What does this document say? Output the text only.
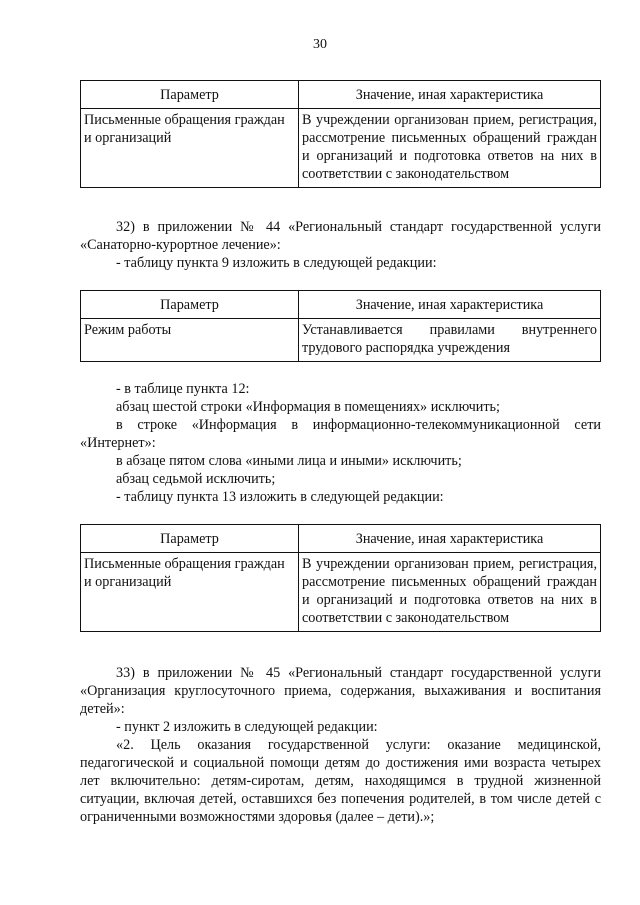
30
Параметр	Значение, иная характеристика
Письменные обращения граждан и организаций	В учреждении организован прием, регистрация, рассмотрение письменных обращений граждан и организаций и подготовка ответов на них в соответствии с законодательством

32) в приложении № 44 «Региональный стандарт государственной услуги «Санаторно-курортное лечение»:

- таблицу пункта 9 изложить в следующей редакции:

Параметр	Значение, иная характеристика
Режим работы	Устанавливается правилами внутреннего трудового распорядка учреждения

- в таблице пункта 12:

абзац шестой строки «Информация в помещениях» исключить;

в строке «Информация в информационно-телекоммуникационной сети «Интернет»:

в абзаце пятом слова «иными лица и иными» исключить;

абзац седьмой исключить;

- таблицу пункта 13 изложить в следующей редакции:

Параметр	Значение, иная характеристика
Письменные обращения граждан и организаций	В учреждении организован прием, регистрация, рассмотрение письменных обращений граждан и организаций и подготовка ответов на них в соответствии с законодательством

33) в приложении № 45 «Региональный стандарт государственной услуги «Организация круглосуточного приема, содержания, выхаживания и воспитания детей»:

- пункт 2 изложить в следующей редакции:

«2. Цель оказания государственной услуги: оказание медицинской, педагогической и социальной помощи детям до достижения ими возраста четырех лет включительно: детям-сиротам, детям, находящимся в трудной жизненной ситуации, включая детей, оставшихся без попечения родителей, в том числе детей с ограниченными возможностями здоровья (далее – дети).»;
